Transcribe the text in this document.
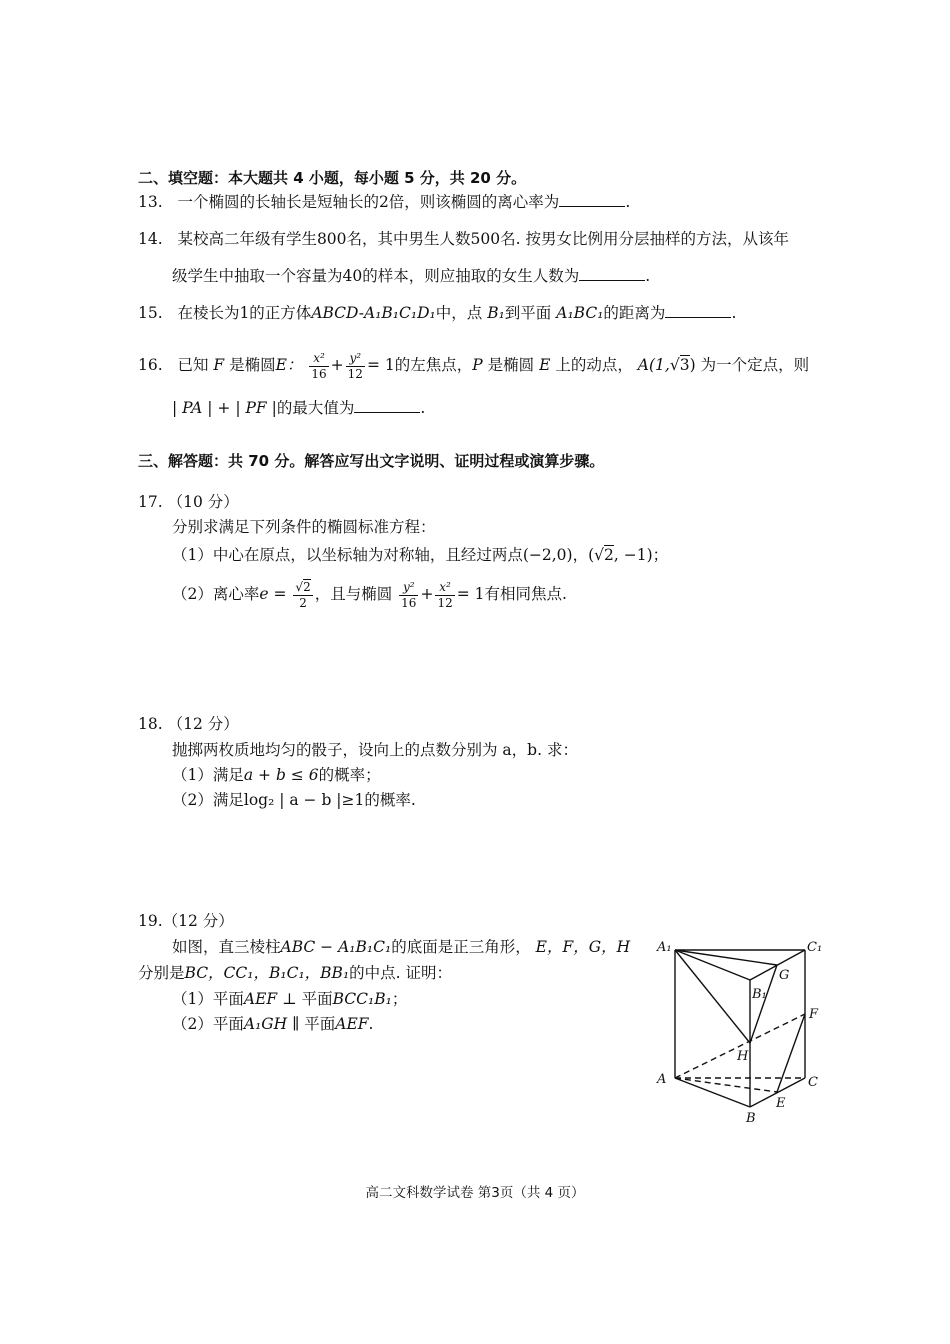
二、填空题：本大题共 4 小题，每小题 5 分，共 20 分。
13. 一个椭圆的长轴长是短轴长的2倍，则该椭圆的离心率为	.
14. 某校高二年级有学生800名，其中男生人数500名. 按男女比例用分层抽样的方法，从该年
级学生中抽取一个容量为40的样本，则应抽取的女生人数为	.
15. 在棱长为1的正方体ABCD-A₁B₁C₁D₁中，点 B₁到平面 A₁BC₁的距离为	.
16. 已知 F 是椭圆E： $\frac{\text{x²}}{16} + \frac{\text{y²}}{12} = 1$的左焦点，P 是椭圆 E 上的动点， A(1,√3) 为一个定点，则
| PA | + | PF |的最大值为	.
三、解答题：共 70 分。解答应写出文字说明、证明过程或演算步骤。
17. （10 分）
分别求满足下列条件的椭圆标准方程：
（1）中心在原点，以坐标轴为对称轴，且经过两点(−2,0)，(√2, −1)；
（2）离心率$e = \frac{√2}{2}$ ，且与椭圆 $\frac{\text{y²}}{16} + \frac{\text{x²}}{12} = 1$有相同焦点.
18. （12 分）
抛掷两枚质地均匀的骰子，设向上的点数分别为 a，b. 求：
（1）满足a + b ≤ 6的概率；
（2）满足log₂ | a − b |≥1的概率.
19.（12 分）
如图，直三棱柱ABC − A₁B₁C₁的底面是正三角形， E，F，G，H
分别是BC，CC₁，B₁C₁，BB₁的中点. 证明：
（1）平面AEF ⊥ 平面BCC₁B₁；
（2）平面A₁GH ∥ 平面AEF.
A₁	C₁
B₁
G
F
H
A	C
E
B
高二文科数学试卷 第3页（共 4 页）
